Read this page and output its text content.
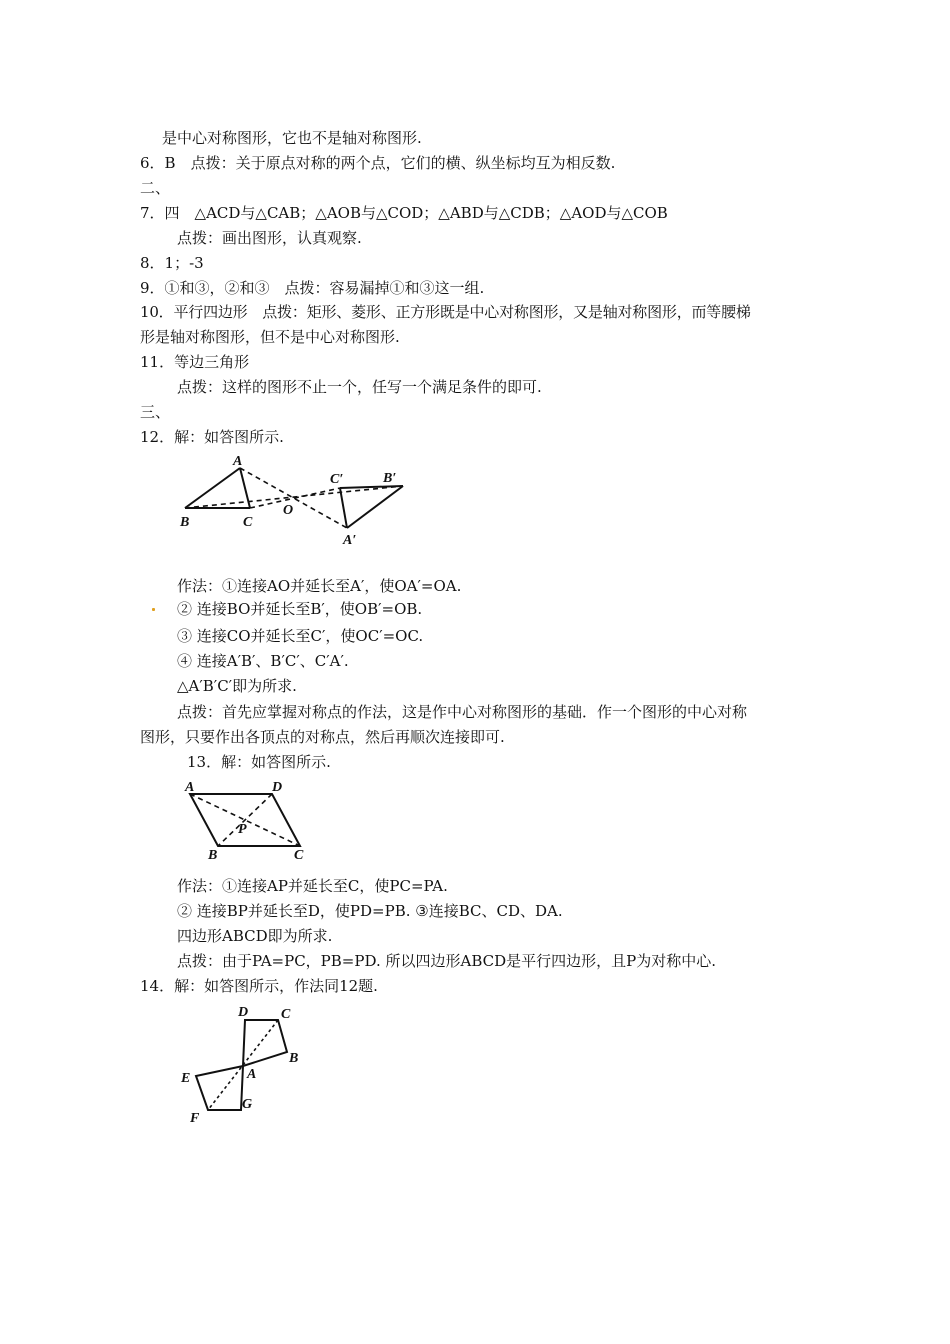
是中心对称图形，它也不是轴对称图形.
6．B　点拨：关于原点对称的两个点，它们的横、纵坐标均互为相反数.
二、
7．四　△ACD与△CAB；△AOB与△COD；△ABD与△CDB；△AOD与△COB
点拨：画出图形，认真观察.
8．1；-3
9．①和③，②和③　点拨：容易漏掉①和③这一组.
10．平行四边形　点拨：矩形、菱形、正方形既是中心对称图形，又是轴对称图形，而等腰梯
形是轴对称图形，但不是中心对称图形.
11．等边三角形
点拨：这样的图形不止一个，任写一个满足条件的即可.
三、
12．解：如答图所示.
A
B	C
O
C′	B′
A′
作法：①连接AO并延长至A′，使OA′=OA.
② 连接BO并延长至B′，使OB′=OB.
③ 连接CO并延长至C′，使OC′=OC.
④ 连接A′B′、B′C′、C′A′.
△A′B′C′即为所求.
点拨：首先应掌握对称点的作法，这是作中心对称图形的基础．作一个图形的中心对称
图形，只要作出各顶点的对称点，然后再顺次连接即可.
13．解：如答图所示.
A	D
P
B	C
作法：①连接AP并延长至C，使PC=PA.
② 连接BP并延长至D，使PD=PB. ③连接BC、CD、DA.
四边形ABCD即为所求.
点拨：由于PA=PC，PB=PD. 所以四边形ABCD是平行四边形，且P为对称中心.
14．解：如答图所示，作法同12题.
D C
B
A
E
G
F
